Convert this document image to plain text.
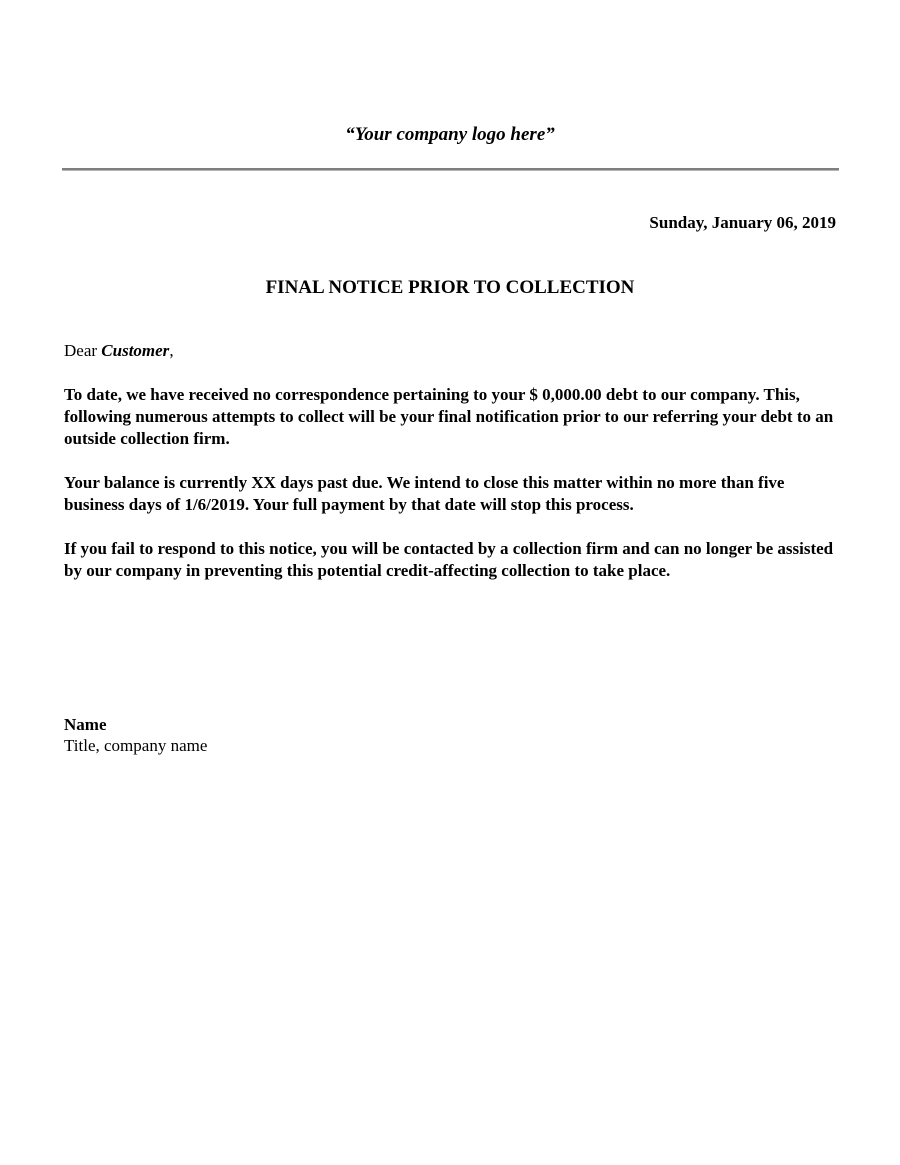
“Your company logo here”
Sunday, January 06, 2019
FINAL NOTICE PRIOR TO COLLECTION
Dear Customer,

To date, we have received no correspondence pertaining to your $ 0,000.00 debt to our company. This, following numerous attempts to collect will be your final notification prior to our referring your debt to an outside collection firm.

Your balance is currently XX days past due. We intend to close this matter within no more than five business days of 1/6/2019. Your full payment by that date will stop this process.

If you fail to respond to this notice, you will be contacted by a collection firm and can no longer be assisted by our company in preventing this potential credit-affecting collection to take place.

Name
Title, company name
